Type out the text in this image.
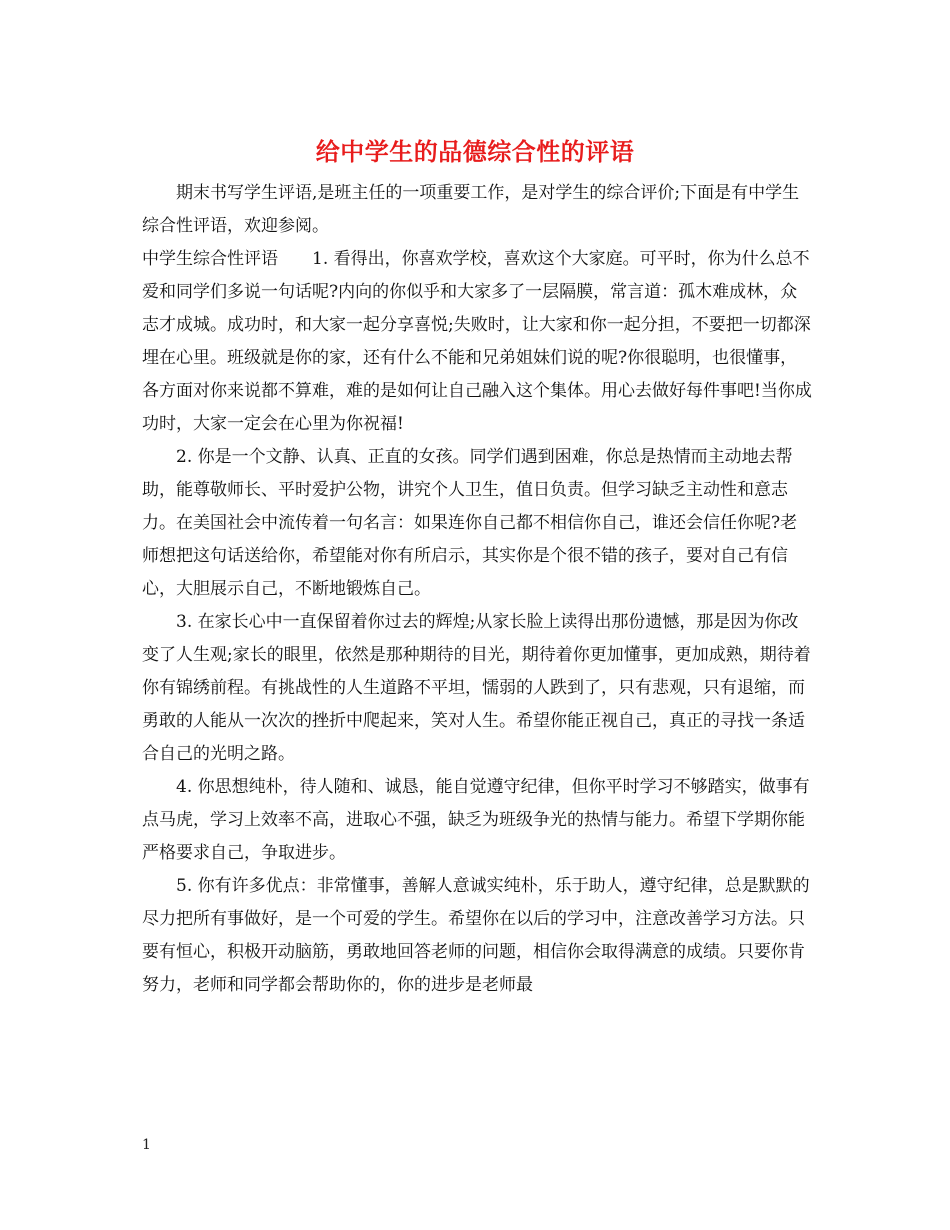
给中学生的品德综合性的评语

期末书写学生评语,是班主任的一项重要工作，是对学生的综合评价;下面是有中学生综合性评语，欢迎参阅。

中学生综合性评语　　1. 看得出，你喜欢学校，喜欢这个大家庭。可平时，你为什么总不爱和同学们多说一句话呢?内向的你似乎和大家多了一层隔膜，常言道：孤木难成林，众志才成城。成功时，和大家一起分享喜悦;失败时，让大家和你一起分担，不要把一切都深埋在心里。班级就是你的家，还有什么不能和兄弟姐妹们说的呢?你很聪明，也很懂事，各方面对你来说都不算难，难的是如何让自己融入这个集体。用心去做好每件事吧!当你成功时，大家一定会在心里为你祝福!

2. 你是一个文静、认真、正直的女孩。同学们遇到困难，你总是热情而主动地去帮助，能尊敬师长、平时爱护公物，讲究个人卫生，值日负责。但学习缺乏主动性和意志力。在美国社会中流传着一句名言：如果连你自己都不相信你自己，谁还会信任你呢?老师想把这句话送给你，希望能对你有所启示，其实你是个很不错的孩子，要对自己有信心，大胆展示自己，不断地锻炼自己。

3. 在家长心中一直保留着你过去的辉煌;从家长脸上读得出那份遗憾，那是因为你改变了人生观;家长的眼里，依然是那种期待的目光，期待着你更加懂事，更加成熟，期待着你有锦绣前程。有挑战性的人生道路不平坦，懦弱的人跌到了，只有悲观，只有退缩，而勇敢的人能从一次次的挫折中爬起来，笑对人生。希望你能正视自己，真正的寻找一条适合自己的光明之路。

4. 你思想纯朴，待人随和、诚恳，能自觉遵守纪律，但你平时学习不够踏实，做事有点马虎，学习上效率不高，进取心不强，缺乏为班级争光的热情与能力。希望下学期你能严格要求自己，争取进步。

5. 你有许多优点：非常懂事，善解人意诚实纯朴，乐于助人，遵守纪律，总是默默的尽力把所有事做好，是一个可爱的学生。希望你在以后的学习中，注意改善学习方法。只要有恒心，积极开动脑筋，勇敢地回答老师的问题，相信你会取得满意的成绩。只要你肯努力，老师和同学都会帮助你的，你的进步是老师最

1
